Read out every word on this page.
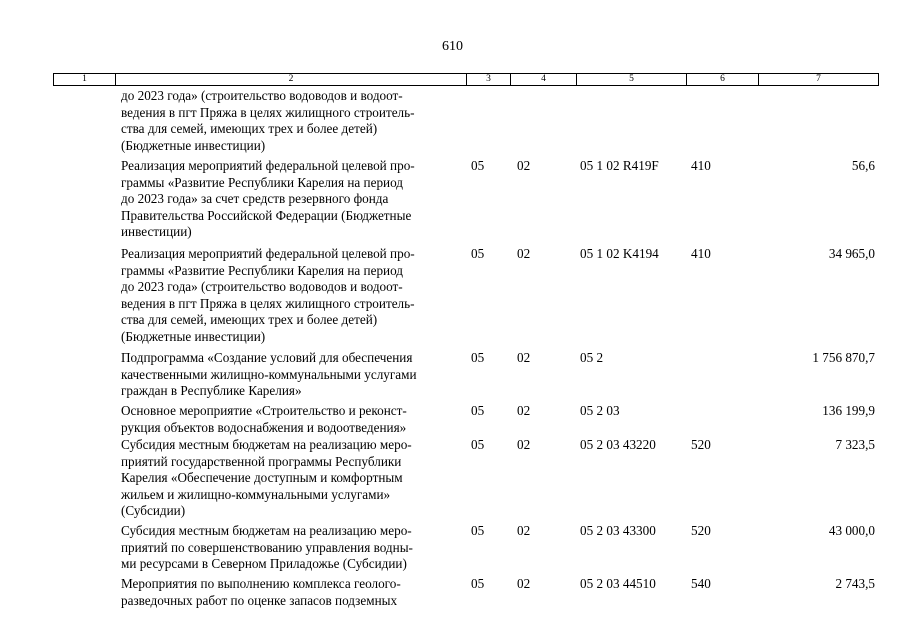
610
1	2	3	4	5	6	7
до 2023 года» (строительство водоводов и водоот-
ведения в пгт Пряжа в целях жилищного строитель-
ства для семей, имеющих трех и более детей)
(Бюджетные инвестиции)
Реализация мероприятий федеральной целевой про-
граммы «Развитие Республики Карелия на период
до 2023 года» за счет средств резервного фонда
Правительства Российской Федерации (Бюджетные
инвестиции)
05 02	05 1 02 R419F 410	56,6
Реализация мероприятий федеральной целевой про-
граммы «Развитие Республики Карелия на период
до 2023 года» (строительство водоводов и водоот-
ведения в пгт Пряжа в целях жилищного строитель-
ства для семей, имеющих трех и более детей)
(Бюджетные инвестиции)
05 02	05 1 02 K4194 410	34 965,0
Подпрограмма «Создание условий для обеспечения
качественными жилищно-коммунальными услугами
граждан в Республике Карелия»
05 02	05 2	1 756 870,7
Основное мероприятие «Строительство и реконст-
рукция объектов водоснабжения и водоотведения»
05 02	05 2 03	136 199,9
Субсидия местным бюджетам на реализацию меро-
приятий государственной программы Республики
Карелия «Обеспечение доступным и комфортным
жильем и жилищно-коммунальными услугами»
(Субсидии)
05 02	05 2 03 43220	520	7 323,5
Субсидия местным бюджетам на реализацию меро-
приятий по совершенствованию управления водны-
ми ресурсами в Северном Приладожье (Субсидии)
05 02	05 2 03 43300	520	43 000,0
Мероприятия по выполнению комплекса геолого-
разведочных работ по оценке запасов подземных
05 02	05 2 03 44510	540	2 743,5
